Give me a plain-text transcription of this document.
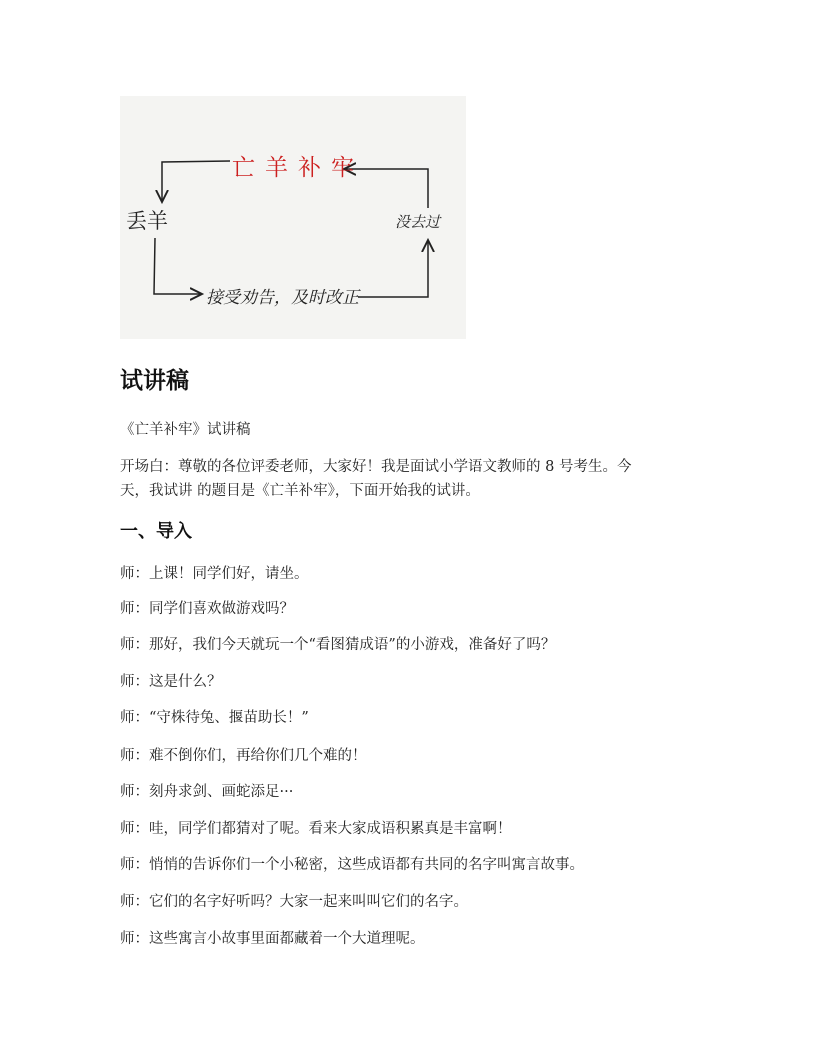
亡羊补牢
丢羊	没去过
接受劝告，及时改正
试讲稿

《亡羊补牢》试讲稿

开场白：尊敬的各位评委老师，大家好！我是面试小学语文教师的 8 号考生。今

天，我试讲 的题目是《亡羊补牢》，下面开始我的试讲。

一、导入

师：上课！同学们好，请坐。

师：同学们喜欢做游戏吗？

师：那好，我们今天就玩一个“看图猜成语”的小游戏，准备好了吗？

师：这是什么？

师：“守株待兔、揠苗助长！”

师：难不倒你们，再给你们几个难的！

师：刻舟求剑、画蛇添足···

师：哇，同学们都猜对了呢。看来大家成语积累真是丰富啊！

师：悄悄的告诉你们一个小秘密，这些成语都有共同的名字叫寓言故事。

师：它们的名字好听吗？大家一起来叫叫它们的名字。

师：这些寓言小故事里面都藏着一个大道理呢。
